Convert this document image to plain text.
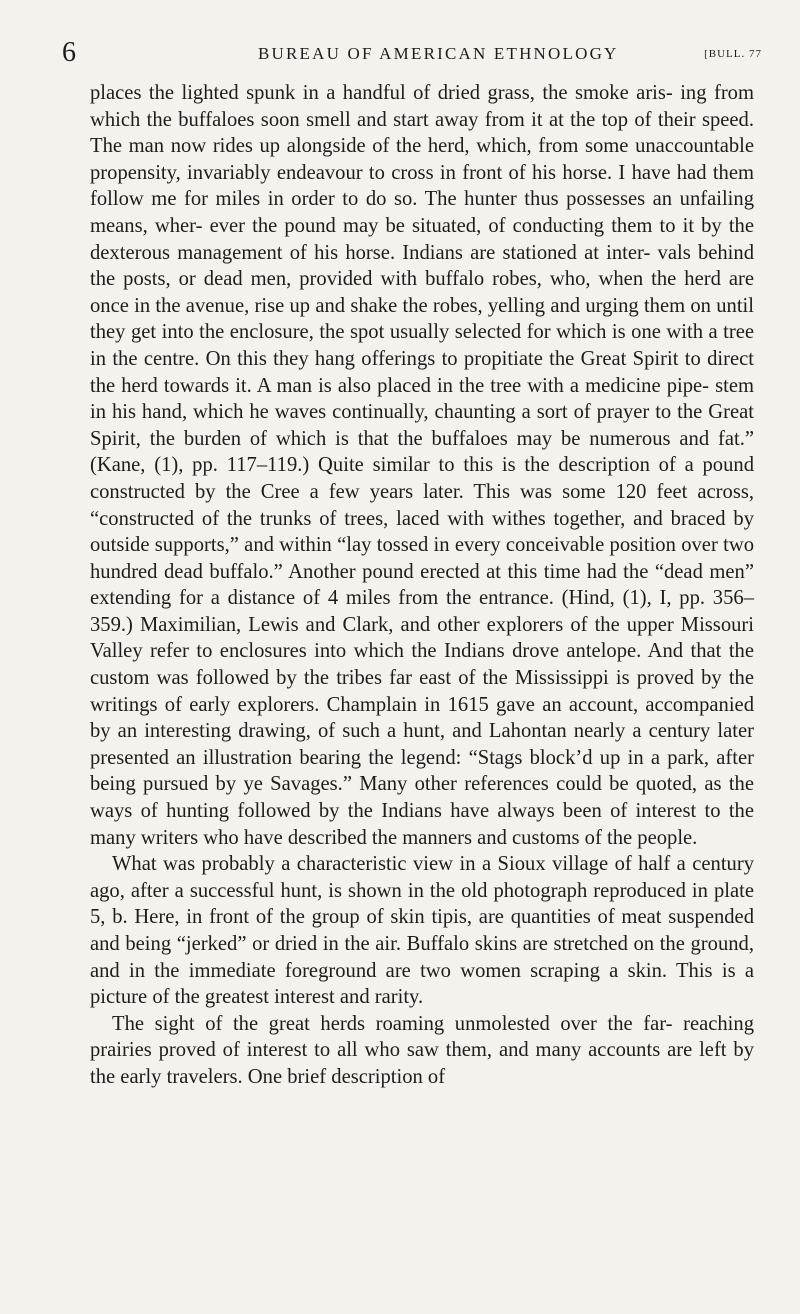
6	BUREAU OF AMERICAN ETHNOLOGY	[BULL. 77

places the lighted spunk in a handful of dried grass, the smoke aris- ing from which the buffaloes soon smell and start away from it at the top of their speed. The man now rides up alongside of the herd, which, from some unaccountable propensity, invariably endeavour to cross in front of his horse. I have had them follow me for miles in order to do so. The hunter thus possesses an unfailing means, wher- ever the pound may be situated, of conducting them to it by the dexterous management of his horse. Indians are stationed at inter- vals behind the posts, or dead men, provided with buffalo robes, who, when the herd are once in the avenue, rise up and shake the robes, yelling and urging them on until they get into the enclosure, the spot usually selected for which is one with a tree in the centre. On this they hang offerings to propitiate the Great Spirit to direct the herd towards it. A man is also placed in the tree with a medicine pipe- stem in his hand, which he waves continually, chaunting a sort of prayer to the Great Spirit, the burden of which is that the buffaloes may be numerous and fat.” (Kane, (1), pp. 117–119.) Quite similar to this is the description of a pound constructed by the Cree a few years later. This was some 120 feet across, “constructed of the trunks of trees, laced with withes together, and braced by outside supports,” and within “lay tossed in every conceivable position over two hundred dead buffalo.” Another pound erected at this time had the “dead men” extending for a distance of 4 miles from the entrance. (Hind, (1), I, pp. 356–359.) Maximilian, Lewis and Clark, and other explorers of the upper Missouri Valley refer to enclosures into which the Indians drove antelope. And that the custom was followed by the tribes far east of the Mississippi is proved by the writings of early explorers. Champlain in 1615 gave an account, accompanied by an interesting drawing, of such a hunt, and Lahontan nearly a century later presented an illustration bearing the legend: “Stags block’d up in a park, after being pursued by ye Savages.” Many other references could be quoted, as the ways of hunting followed by the Indians have always been of interest to the many writers who have described the manners and customs of the people.

What was probably a characteristic view in a Sioux village of half a century ago, after a successful hunt, is shown in the old photograph reproduced in plate 5, b. Here, in front of the group of skin tipis, are quantities of meat suspended and being “jerked” or dried in the air. Buffalo skins are stretched on the ground, and in the immediate foreground are two women scraping a skin. This is a picture of the greatest interest and rarity.

The sight of the great herds roaming unmolested over the far- reaching prairies proved of interest to all who saw them, and many accounts are left by the early travelers. One brief description of
